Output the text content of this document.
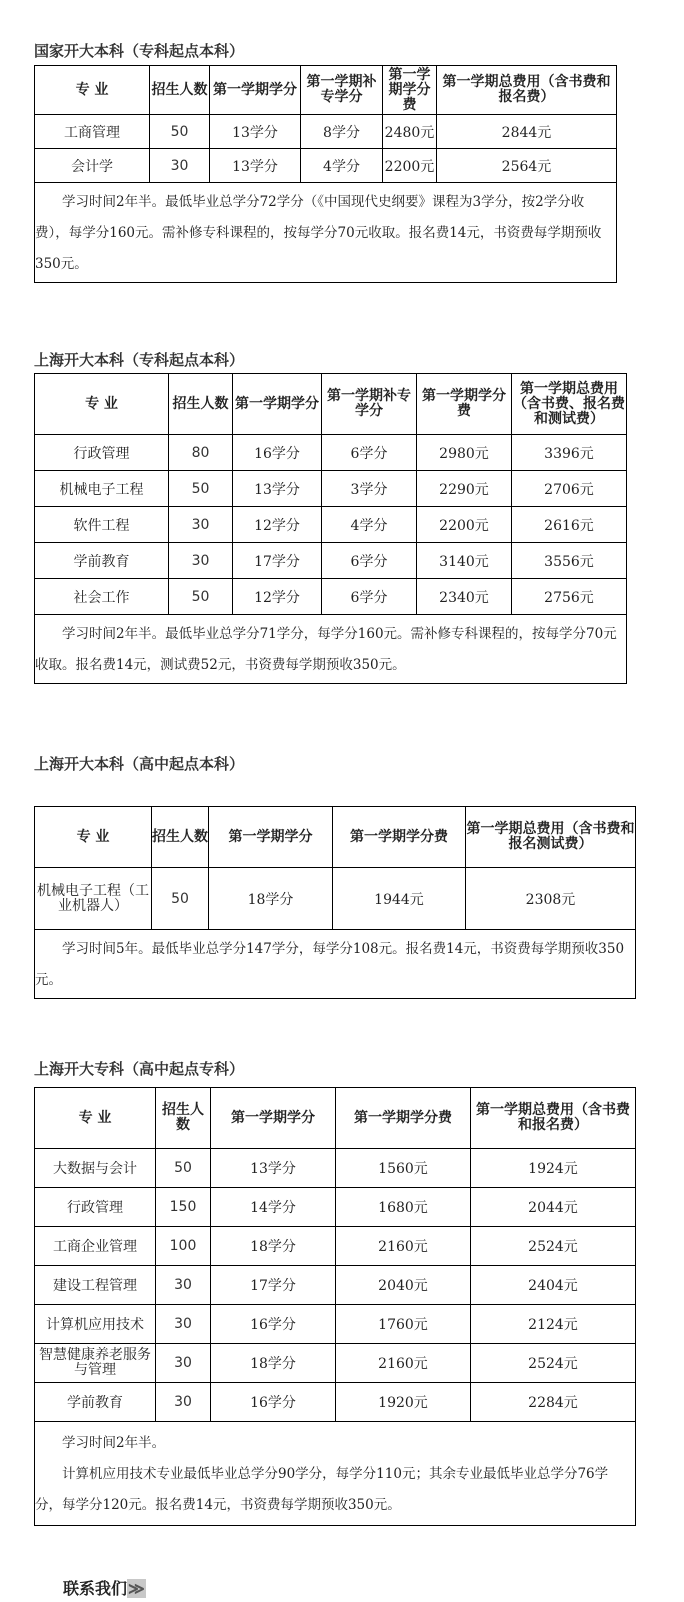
国家开大本科（专科起点本科）
专 业	招生人数	第一学期学分	第一学期补专学分	第一学期学分费	第一学期总费用（含书费和报名费）
工商管理	50	13学分	8学分	2480元	2844元
会计学	30	13学分	4学分	2200元	2564元

学习时间2年半。最低毕业总学分72学分（《中国现代史纲要》课程为3学分，按2学分收费），每学分160元。需补修专科课程的，按每学分70元收取。报名费14元，书资费每学期预收350元。					

上海开大本科（专科起点本科）
专 业	招生人数	第一学期学分	第一学期补专学分	第一学期学分费	第一学期总费用（含书费、报名费和测试费）
行政管理	80	16学分	6学分	2980元	3396元
机械电子工程	50	13学分	3学分	2290元	2706元
软件工程	30	12学分	4学分	2200元	2616元
学前教育	30	17学分	6学分	3140元	3556元
社会工作	50	12学分	6学分	2340元	2756元

学习时间2年半。最低毕业总学分71学分，每学分160元。需补修专科课程的，按每学分70元收取。报名费14元，测试费52元，书资费每学期预收350元。					

上海开大本科（高中起点本科）
专 业	招生人数	第一学期学分	第一学期学分费	第一学期总费用（含书费和报名测试费）
机械电子工程（工业机器人）	50	18学分	1944元	2308元

学习时间5年。最低毕业总学分147学分，每学分108元。报名费14元，书资费每学期预收350元。				

上海开大专科（高中起点专科）
专 业	招生人数	第一学期学分	第一学期学分费	第一学期总费用（含书费和报名费）
大数据与会计	50	13学分	1560元	1924元
行政管理	150	14学分	1680元	2044元
工商企业管理	100	18学分	2160元	2524元
建设工程管理	30	17学分	2040元	2404元
计算机应用技术	30	16学分	1760元	2124元
智慧健康养老服务与管理	30	18学分	2160元	2524元
学前教育	30	16学分	1920元	2284元

学习时间2年半。

计算机应用技术专业最低毕业总学分90学分，每学分110元；其余专业最低毕业总学分76学分，每学分120元。报名费14元，书资费每学期预收350元。				

联系我们≫
